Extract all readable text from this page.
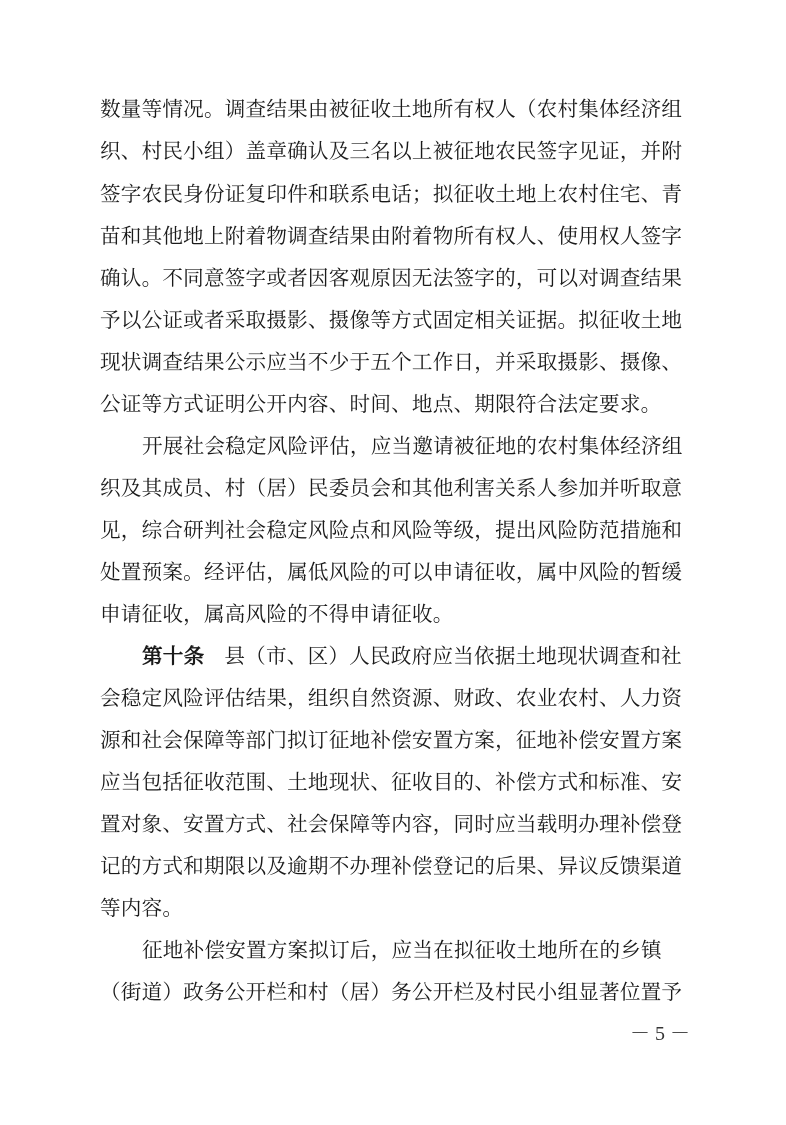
数量等情况。调查结果由被征收土地所有权人（农村集体经济组
织、村民小组）盖章确认及三名以上被征地农民签字见证，并附
签字农民身份证复印件和联系电话；拟征收土地上农村住宅、青
苗和其他地上附着物调查结果由附着物所有权人、使用权人签字
确认。不同意签字或者因客观原因无法签字的，可以对调查结果
予以公证或者采取摄影、摄像等方式固定相关证据。拟征收土地
现状调查结果公示应当不少于五个工作日，并采取摄影、摄像、
公证等方式证明公开内容、时间、地点、期限符合法定要求。
开展社会稳定风险评估，应当邀请被征地的农村集体经济组
织及其成员、村（居）民委员会和其他利害关系人参加并听取意
见，综合研判社会稳定风险点和风险等级，提出风险防范措施和
处置预案。经评估，属低风险的可以申请征收，属中风险的暂缓
申请征收，属高风险的不得申请征收。
第十条 县（市、区）人民政府应当依据土地现状调查和社
会稳定风险评估结果，组织自然资源、财政、农业农村、人力资
源和社会保障等部门拟订征地补偿安置方案，征地补偿安置方案
应当包括征收范围、土地现状、征收目的、补偿方式和标准、安
置对象、安置方式、社会保障等内容，同时应当载明办理补偿登
记的方式和期限以及逾期不办理补偿登记的后果、异议反馈渠道
等内容。
征地补偿安置方案拟订后，应当在拟征收土地所在的乡镇
（街道）政务公开栏和村（居）务公开栏及村民小组显著位置予
－ 5 －
